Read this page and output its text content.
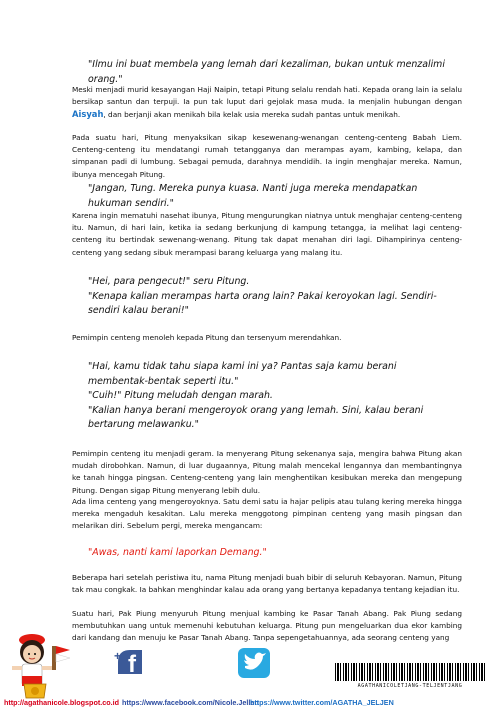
"Ilmu ini buat membela yang lemah dari kezaliman, bukan untuk menzalimi orang."

Meski menjadi murid kesayangan Haji Naipin, tetapi Pitung selalu rendah hati. Kepada orang lain ia selalu bersikap santun dan terpuji. Ia pun tak luput dari gejolak masa muda. Ia menjalin hubungan dengan Aisyah, dan berjanji akan menikah bila kelak usia mereka sudah pantas untuk menikah.

Pada suatu hari, Pitung menyaksikan sikap kesewenang-wenangan centeng-centeng Babah Liem. Centeng-centeng itu mendatangi rumah tetangganya dan merampas ayam, kambing, kelapa, dan simpanan padi di lumbung. Sebagai pemuda, darahnya mendidih. Ia ingin menghajar mereka. Namun, ibunya mencegah Pitung.

"Jangan, Tung. Mereka punya kuasa. Nanti juga mereka mendapatkan hukuman sendiri."

Karena ingin mematuhi nasehat ibunya, Pitung mengurungkan niatnya untuk menghajar centeng-centeng itu. Namun, di hari lain, ketika ia sedang berkunjung di kampung tetangga, ia melihat lagi centeng-centeng itu bertindak sewenang-wenang. Pitung tak dapat menahan diri lagi. Dihampirinya centeng-centeng yang sedang sibuk merampasi barang keluarga yang malang itu.

"Hei, para pengecut!" seru Pitung.
"Kenapa kalian merampas harta orang lain? Pakai keroyokan lagi. Sendiri-sendiri kalau berani!"

Pemimpin centeng menoleh kepada Pitung dan tersenyum merendahkan.

"Hai, kamu tidak tahu siapa kami ini ya? Pantas saja kamu berani membentak-bentak seperti itu."
"Cuih!" Pitung meludah dengan marah.
"Kalian hanya berani mengeroyok orang yang lemah. Sini, kalau berani bertarung melawanku."

Pemimpin centeng itu menjadi geram. Ia menyerang Pitung sekenanya saja, mengira bahwa Pitung akan mudah dirobohkan. Namun, di luar dugaannya, Pitung malah mencekal lengannya dan membantingnya ke tanah hingga pingsan. Centeng-centeng yang lain menghentikan kesibukan mereka dan mengepung Pitung. Dengan sigap Pitung menyerang lebih dulu.

Ada lima centeng yang mengeroyoknya. Satu demi satu ia hajar pelipis atau tulang kering mereka hingga mereka mengaduh kesakitan. Lalu mereka menggotong pimpinan centeng yang masih pingsan dan melarikan diri. Sebelum pergi, mereka mengancam:

"Awas, nanti kami laporkan Demang."

Beberapa hari setelah peristiwa itu, nama Pitung menjadi buah bibir di seluruh Kebayoran. Namun, Pitung tak mau congkak. Ia bahkan menghindar kalau ada orang yang bertanya kepadanya tentang kejadian itu.

Suatu hari, Pak Piung menyuruh Pitung menjual kambing ke Pasar Tanah Abang. Pak Piung sedang membutuhkan uang untuk memenuhi kebutuhan keluarga. Pitung pun mengeluarkan dua ekor kambing dari kandang dan menuju ke Pasar Tanah Abang. Tanpa sepengetahuannya, ada seorang centeng yang

f
+
AGATHANICOLETJANG-TELJENTJANG
http://agathanicole.blogspot.co.id https://www.facebook.com/Nicole.Jellen
https://www.twitter.com/AGATHA_JELJEN
